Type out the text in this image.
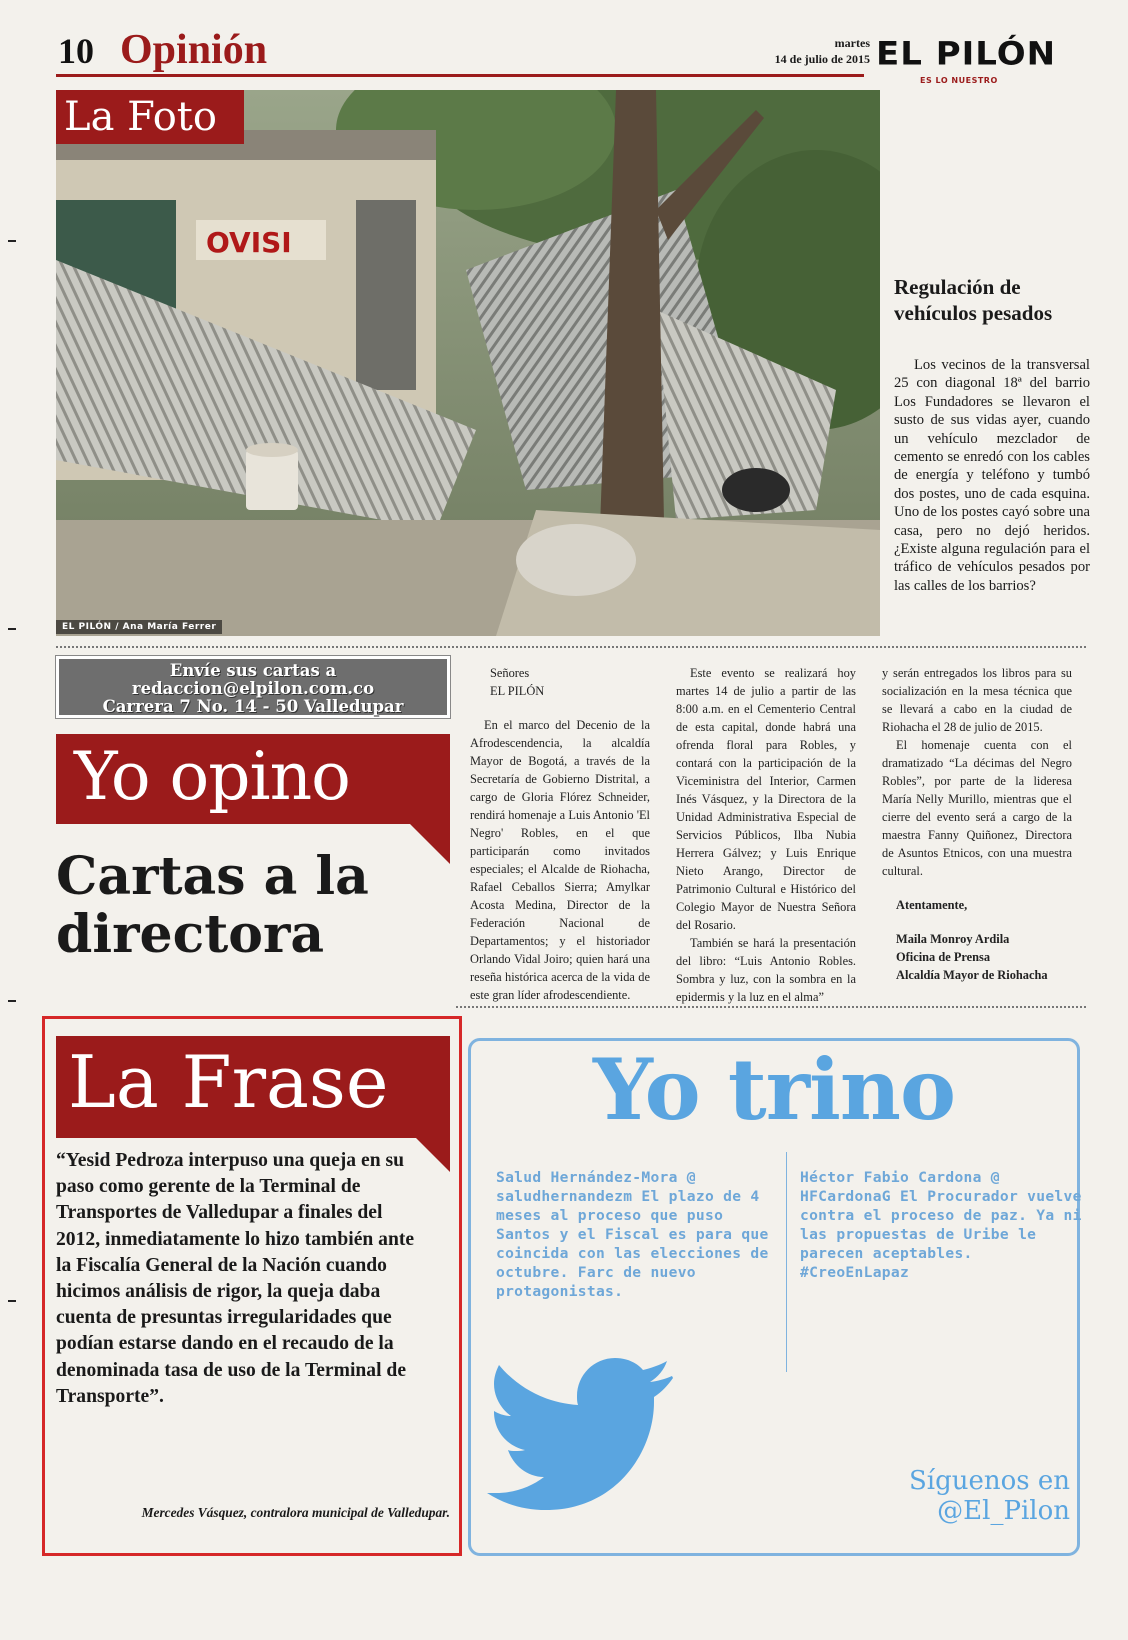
10 Opinión	martes
14 de julio de 2015 EL PILÓN
ES LO NUESTRO
OVISI
La Foto
EL PILÓN / Ana María Ferrer
Regulación de vehículos pesados
Los vecinos de la transversal 25 con diagonal 18ª del barrio Los Fundadores se llevaron el susto de sus vidas ayer, cuando un vehículo mezclador de cemento se enredó con los cables de energía y teléfono y tumbó dos postes, uno de cada esquina. Uno de los postes cayó sobre una casa, pero no dejó heridos. ¿Existe alguna regulación para el tráfico de vehículos pesados por las calles de los barrios?
Envíe sus cartas a
redaccion@elpilon.com.co
Carrera 7 No. 14 - 50 Valledupar
Yo opino
Cartas a la directora

Señores

EL PILÓN

En el marco del Decenio de la Afrodescendencia, la alcaldía Mayor de Bogotá, a través de la Secretaría de Gobierno Distrital, a cargo de Gloria Flórez Schneider, rendirá homenaje a Luis Antonio 'El Negro' Robles, en el que participarán como invitados especiales; el Alcalde de Riohacha, Rafael Ceballos Sierra; Amylkar Acosta Medina, Director de la Federación Nacional de Departamentos; y el historiador Orlando Vidal Joiro; quien hará una reseña histórica acerca de la vida de este gran líder afrodescendiente.

Este evento se realizará hoy martes 14 de julio a partir de las 8:00 a.m. en el Cementerio Central de esta capital, donde habrá una ofrenda floral para Robles, y contará con la participación de la Viceministra del Interior, Carmen Inés Vásquez, y la Directora de la Unidad Administrativa Especial de Servicios Públicos, Ilba Nubia Herrera Gálvez; y Luis Enrique Nieto Arango, Director de Patrimonio Cultural e Histórico del Colegio Mayor de Nuestra Señora del Rosario.

También se hará la presentación del libro: “Luis Antonio Robles. Sombra y luz, con la sombra en la epidermis y la luz en el alma”

y serán entregados los libros para su socialización en la mesa técnica que se llevará a cabo en la ciudad de Riohacha el 28 de julio de 2015.

El homenaje cuenta con el dramatizado “La décimas del Negro Robles”, por parte de la lideresa María Nelly Murillo, mientras que el cierre del evento será a cargo de la maestra Fanny Quiñonez, Directora de Asuntos Etnicos, con una muestra cultural.

Atentamente,

Maila Monroy Ardila

Oficina de Prensa

Alcaldía Mayor de Riohacha

La Frase
“Yesid Pedroza interpuso una queja en su paso como gerente de la Terminal de Transportes de Valledupar a finales del 2012, inmediatamente lo hizo también ante la Fiscalía General de la Nación cuando hicimos análisis de rigor, la queja daba cuenta de presuntas irregularidades que podían estarse dando en el recaudo de la denominada tasa de uso de la Terminal de Transporte”.
Mercedes Vásquez, contralora municipal de Valledupar.
Yo trino
Salud Hernández-Mora @ saludhernandezm El plazo de 4 meses al proceso que puso Santos y el Fiscal es para que coincida con las elecciones de octubre. Farc de nuevo protagonistas.
Héctor Fabio Cardona @ HFCardonaG El Procurador vuelve contra el proceso de paz. Ya ni las propuestas de Uribe le parecen aceptables. #CreoEnLapaz
Síguenos en
@El_Pilon
